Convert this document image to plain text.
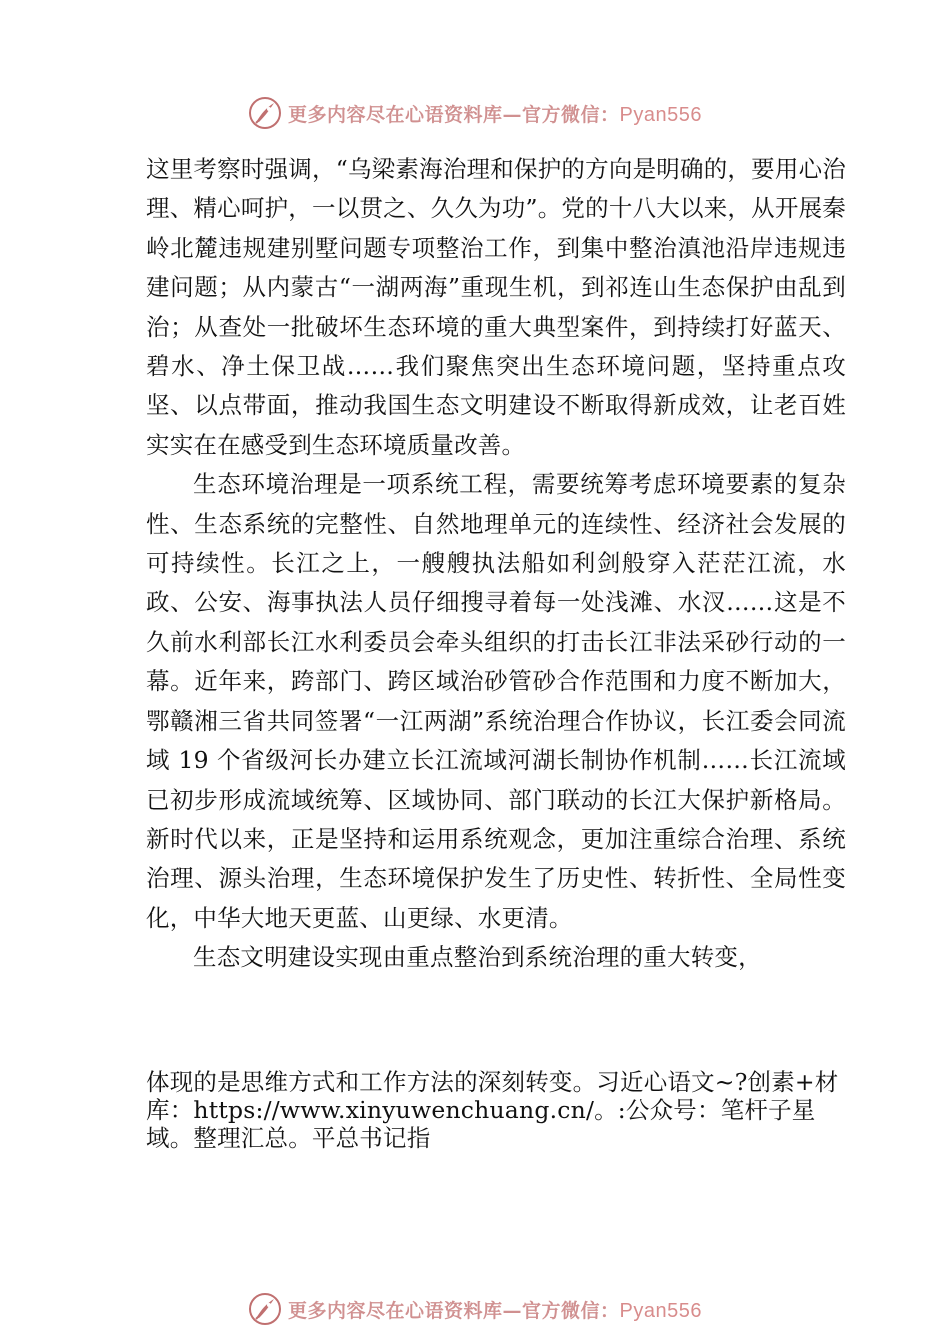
更多内容尽在心语资料库—官方微信：Pyan556

这里考察时强调，“乌梁素海治理和保护的方向是明确的，要用心治理、精心呵护，一以贯之、久久为功”。党的十八大以来，从开展秦岭北麓违规建别墅问题专项整治工作，到集中整治滇池沿岸违规违建问题；从内蒙古“一湖两海”重现生机，到祁连山生态保护由乱到治；从查处一批破坏生态环境的重大典型案件，到持续打好蓝天、碧水、净土保卫战……我们聚焦突出生态环境问题，坚持重点攻坚、以点带面，推动我国生态文明建设不断取得新成效，让老百姓实实在在感受到生态环境质量改善。

生态环境治理是一项系统工程，需要统筹考虑环境要素的复杂性、生态系统的完整性、自然地理单元的连续性、经济社会发展的可持续性。长江之上，一艘艘执法船如利剑般穿入茫茫江流，水政、公安、海事执法人员仔细搜寻着每一处浅滩、水汊……这是不久前水利部长江水利委员会牵头组织的打击长江非法采砂行动的一幕。近年来，跨部门、跨区域治砂管砂合作范围和力度不断加大，鄂赣湘三省共同签署“一江两湖”系统治理合作协议，长江委会同流域 19 个省级河长办建立长江流域河湖长制协作机制……长江流域已初步形成流域统筹、区域协同、部门联动的长江大保护新格局。新时代以来，正是坚持和运用系统观念，更加注重综合治理、系统治理、源头治理，生态环境保护发生了历史性、转折性、全局性变化，中华大地天更蓝、山更绿、水更清。

生态文明建设实现由重点整治到系统治理的重大转变，

体现的是思维方式和工作方法的深刻转变。习近心语文~?创素+材库：https://www.xinyuwenchuang.cn/。:公众号：笔杆子星域。整理汇总。平总书记指
更多内容尽在心语资料库—官方微信：Pyan556
